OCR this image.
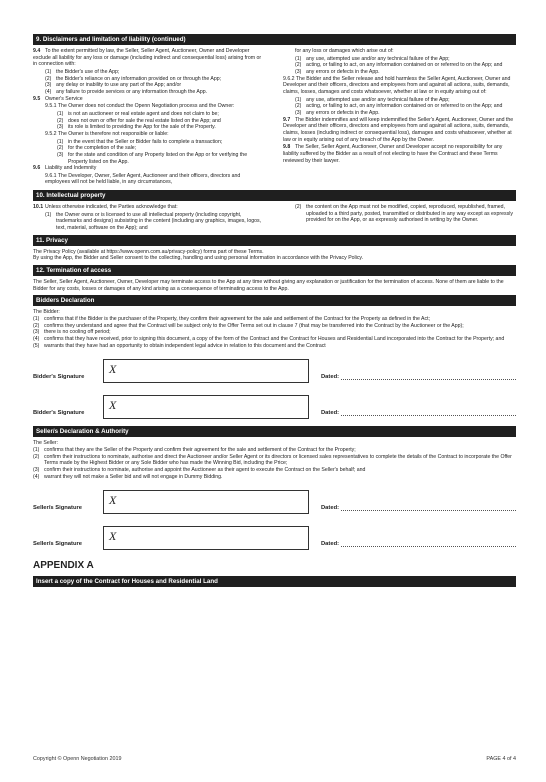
9. Disclaimers and limitation of liability (continued)
9.4 To the extent permitted by law, the Seller, Seller Agent, Auctioneer, Owner and Developer exclude all liability for any loss or damage (including indirect and consequential loss) arising from or in connection with:
(1) the Bidder's use of the App;
(2) the Bidder's reliance on any information provided on or through the App;
(3) any delay or inability to use any part of the App; and/or
(4) any failure to provide services or any information through the App.
9.5 Owner's Service
9.5.1 The Owner does not conduct the Openn Negotiation process and the Owner:
(1) is not an auctioneer or real estate agent and does not claim to be;
(2) does not own or offer for sale the real estate listed on the App; and
(3) its role is limited to providing the App for the sale of the Property.
9.5.2 The Owner is therefore not responsible or liable:
(1) in the event that the Seller or Bidder fails to complete a transaction;
(2) for the completion of the sale;
(3) for the state and condition of any Property listed on the App or for verifying the Property listed on the App.
9.6 Liability and Indemnity
9.6.1 The Developer, Owner, Seller Agent, Auctioneer and their officers, directors and employees will not be held liable, in any circumstances,
for any loss or damages which arise out of:
(1) any use, attempted use and/or any technical failure of the App;
(2) acting, or failing to act, on any information contained on or referred to on the App; and
(3) any errors or defects in the App.
9.6.2 The Bidder and the Seller release and hold harmless the Seller Agent, Auctioneer, Owner and Developer and their officers, directors and employees from and against all actions, suits, demands, claims, losses, damages and costs whatsoever, whether at law or in equity arising out of:
(1) any use, attempted use and/or any technical failure of the App;
(2) acting, or failing to act, on any information contained on or referred to on the App; and
(3) any errors or defects in the App.
9.7 The Bidder indemnifies and will keep indemnified the Seller's Agent, Auctioneer, Owner and the Developer and their officers, directors and employees from and against all actions, suits, demands, claims, losses (including indirect or consequential loss), damages and costs whatsoever, whether at law or in equity arising out of any breach of the App by the Owner.
9.8 The Seller, Seller Agent, Auctioneer, Owner and Developer accept no responsibility for any liability suffered by the Bidder as a result of not electing to have the Contract and these Terms reviewed by their lawyer.
10. Intellectual property
10.1 Unless otherwise indicated, the Parties acknowledge that:
(1) the Owner owns or is licensed to use all intellectual property (including copyright, trademarks and designs) subsisting in the content (including any graphics, images, logos, text, material, software on the App); and
(2) the content on the App must not be modified, copied, reproduced, republished, framed, uploaded to a third party, posted, transmitted or distributed in any way except as expressly provided for on the App, or as expressly authorised in writing by the Owner.
11. Privacy
The Privacy Policy (available at https://www.openn.com.au/privacy-policy) forms part of these Terms.
By using the App, the Bidder and Seller consent to the collecting, handling and using personal information in accordance with the Privacy Policy.
12. Termination of access
The Seller, Seller Agent, Auctioneer, Owner, Developer may terminate access to the App at any time without giving any explanation or justification for the termination of access. None of them are liable to the Bidder for any costs, losses or damages of any kind arising as a consequence of terminating access to the App.
Bidders Declaration
The Bidder:
(1) confirms that if the Bidder is the purchaser of the Property, they confirm their agreement for the sale and settlement of the Contract for the Property as defined in the Act;
(2) confirms they understand and agree that the Contract will be subject only to the Offer Terms set out in clause 7 (that may be transferred into the Contract by the Auctioneer or the App);
(3) there is no cooling off period;
(4) confirms that they have received, prior to signing this document, a copy of the form of the Contract and the Contract for Houses and Residential Land incorporated into the Contract for the Property; and
(5) warrants that they have had an opportunity to obtain independent legal advice in relation to this document and the Contract
Bidder's Signature
X
Dated:
Bidder's Signature
X
Dated:
Seller/s Declaration & Authority
The Seller:
(1) confirms that they are the Seller of the Property and confirm their agreement for the sale and settlement of the Contract for the Property;
(2) confirm their instructions to nominate, authorise and direct the Auctioneer and/or Seller Agent or its directors or licensed sales representatives to complete the details of the Contract to incorporate the Offer Terms made by the Highest Bidder or any Sole Bidder who has made the Winning Bid, including the Price;
(3) confirm their instructions to nominate, authorise and appoint the Auctioneer as their agent to execute the Contract on the Seller's behalf; and
(4) warrant they will not make a Seller bid and will not engage in Dummy Bidding.
Seller/s Signature
X
Dated:
Seller/s Signature
X
Dated:
APPENDIX A
Insert a copy of the Contract for Houses and Residential Land
Copyright © Openn Negotiation 2019	PAGE 4 of 4
